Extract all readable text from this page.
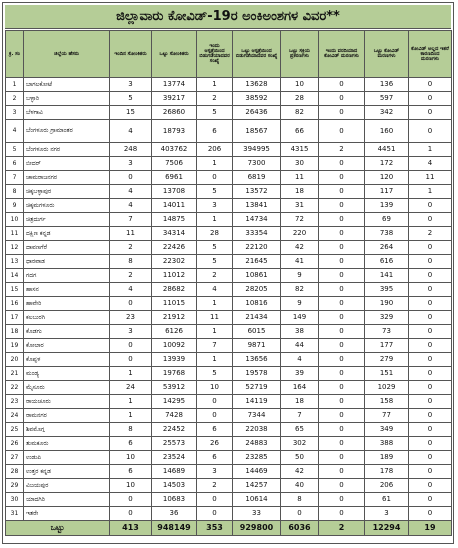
ಜಿಲ್ಲಾವಾರು ಕೋವಿಡ್-19ರ ಅಂಕಿಅಂಶಗಳ ವಿವರ**
ಕ್ರ. ಸಂ	ಜಿಲ್ಲೆಯ ಹೆಸರು	ಇಂದಿನ ಸೋಂಕಿತರು	ಒಟ್ಟು ಸೋಂಕಿತರು	ಇಂದು ಆಸ್ಪತ್ರೆಯಿಂದ ಬಿಡುಗಡೆಯಾದವರ ಸಂಖ್ಯೆ	ಒಟ್ಟು ಆಸ್ಪತ್ರೆಯಿಂದ ಬಿಡುಗಡೆಯಾದವರ ಸಂಖ್ಯೆ	ಒಟ್ಟು ಸಕ್ರಿಯ ಪ್ರಕರಣಗಳು	ಇಂದು ವರದಿಯಾದ ಕೋವಿಡ್ ಮರಣಗಳು	ಒಟ್ಟು ಕೋವಿಡ್ ಮರಣಗಳು	ಕೋವಿಡ್ ಅಲ್ಲದ ಇತರೆ ಕಾರಣದಿಂದ ಮರಣಗಳು
1	ಬಾಗಲಕೋಟೆ	3	13774	1	13628	10	0	136	0
2	ಬಳ್ಳಾರಿ	5	39217	2	38592	28	0	597	0
3	ಬೆಳಗಾವಿ	15	26860	5	26436	82	0	342	0
4	ಬೆಂಗಳೂರು ಗ್ರಾಮಾಂತರ	4	18793	6	18567	66	0	160	0
5	ಬೆಂಗಳೂರು ನಗರ	248	403762	206	394995	4315	2	4451	1
6	ಬೀದರ್	3	7506	1	7300	30	0	172	4
7	ಚಾಮರಾಜನಗರ	0	6961	0	6819	11	0	120	11
8	ಚಿಕ್ಕಬಳ್ಳಾಪುರ	4	13708	5	13572	18	0	117	1
9	ಚಿಕ್ಕಮಗಳೂರು	4	14011	3	13841	31	0	139	0
10	ಚಿತ್ರದುರ್ಗ	7	14875	1	14734	72	0	69	0
11	ದಕ್ಷಿಣ ಕನ್ನಡ	11	34314	28	33354	220	0	738	2
12	ದಾವಣಗೆರೆ	2	22426	5	22120	42	0	264	0
13	ಧಾರವಾಡ	8	22302	5	21645	41	0	616	0
14	ಗದಗ	2	11012	2	10861	9	0	141	0
15	ಹಾಸನ	4	28682	4	28205	82	0	395	0
16	ಹಾವೇರಿ	0	11015	1	10816	9	0	190	0
17	ಕಲಬುರಗಿ	23	21912	11	21434	149	0	329	0
18	ಕೊಡಗು	3	6126	1	6015	38	0	73	0
19	ಕೋಲಾರ	0	10092	7	9871	44	0	177	0
20	ಕೊಪ್ಪಳ	0	13939	1	13656	4	0	279	0
21	ಮಂಡ್ಯ	1	19768	5	19578	39	0	151	0
22	ಮೈಸೂರು	24	53912	10	52719	164	0	1029	0
23	ರಾಯಚೂರು	1	14295	0	14119	18	0	158	0
24	ರಾಮನಗರ	1	7428	0	7344	7	0	77	0
25	ಶಿವಮೊಗ್ಗ	8	22452	6	22038	65	0	349	0
26	ತುಮಕೂರು	6	25573	26	24883	302	0	388	0
27	ಉಡುಪಿ	10	23524	6	23285	50	0	189	0
28	ಉತ್ತರ ಕನ್ನಡ	6	14689	3	14469	42	0	178	0
29	ವಿಜಯಪುರ	10	14503	2	14257	40	0	206	0
30	ಯಾದಗಿರಿ	0	10683	0	10614	8	0	61	0
31	ಇತರೇ	0	36	0	33	0	0	3	0
ಒಟ್ಟು		413	948149	353	929800	6036	2	12294	19
